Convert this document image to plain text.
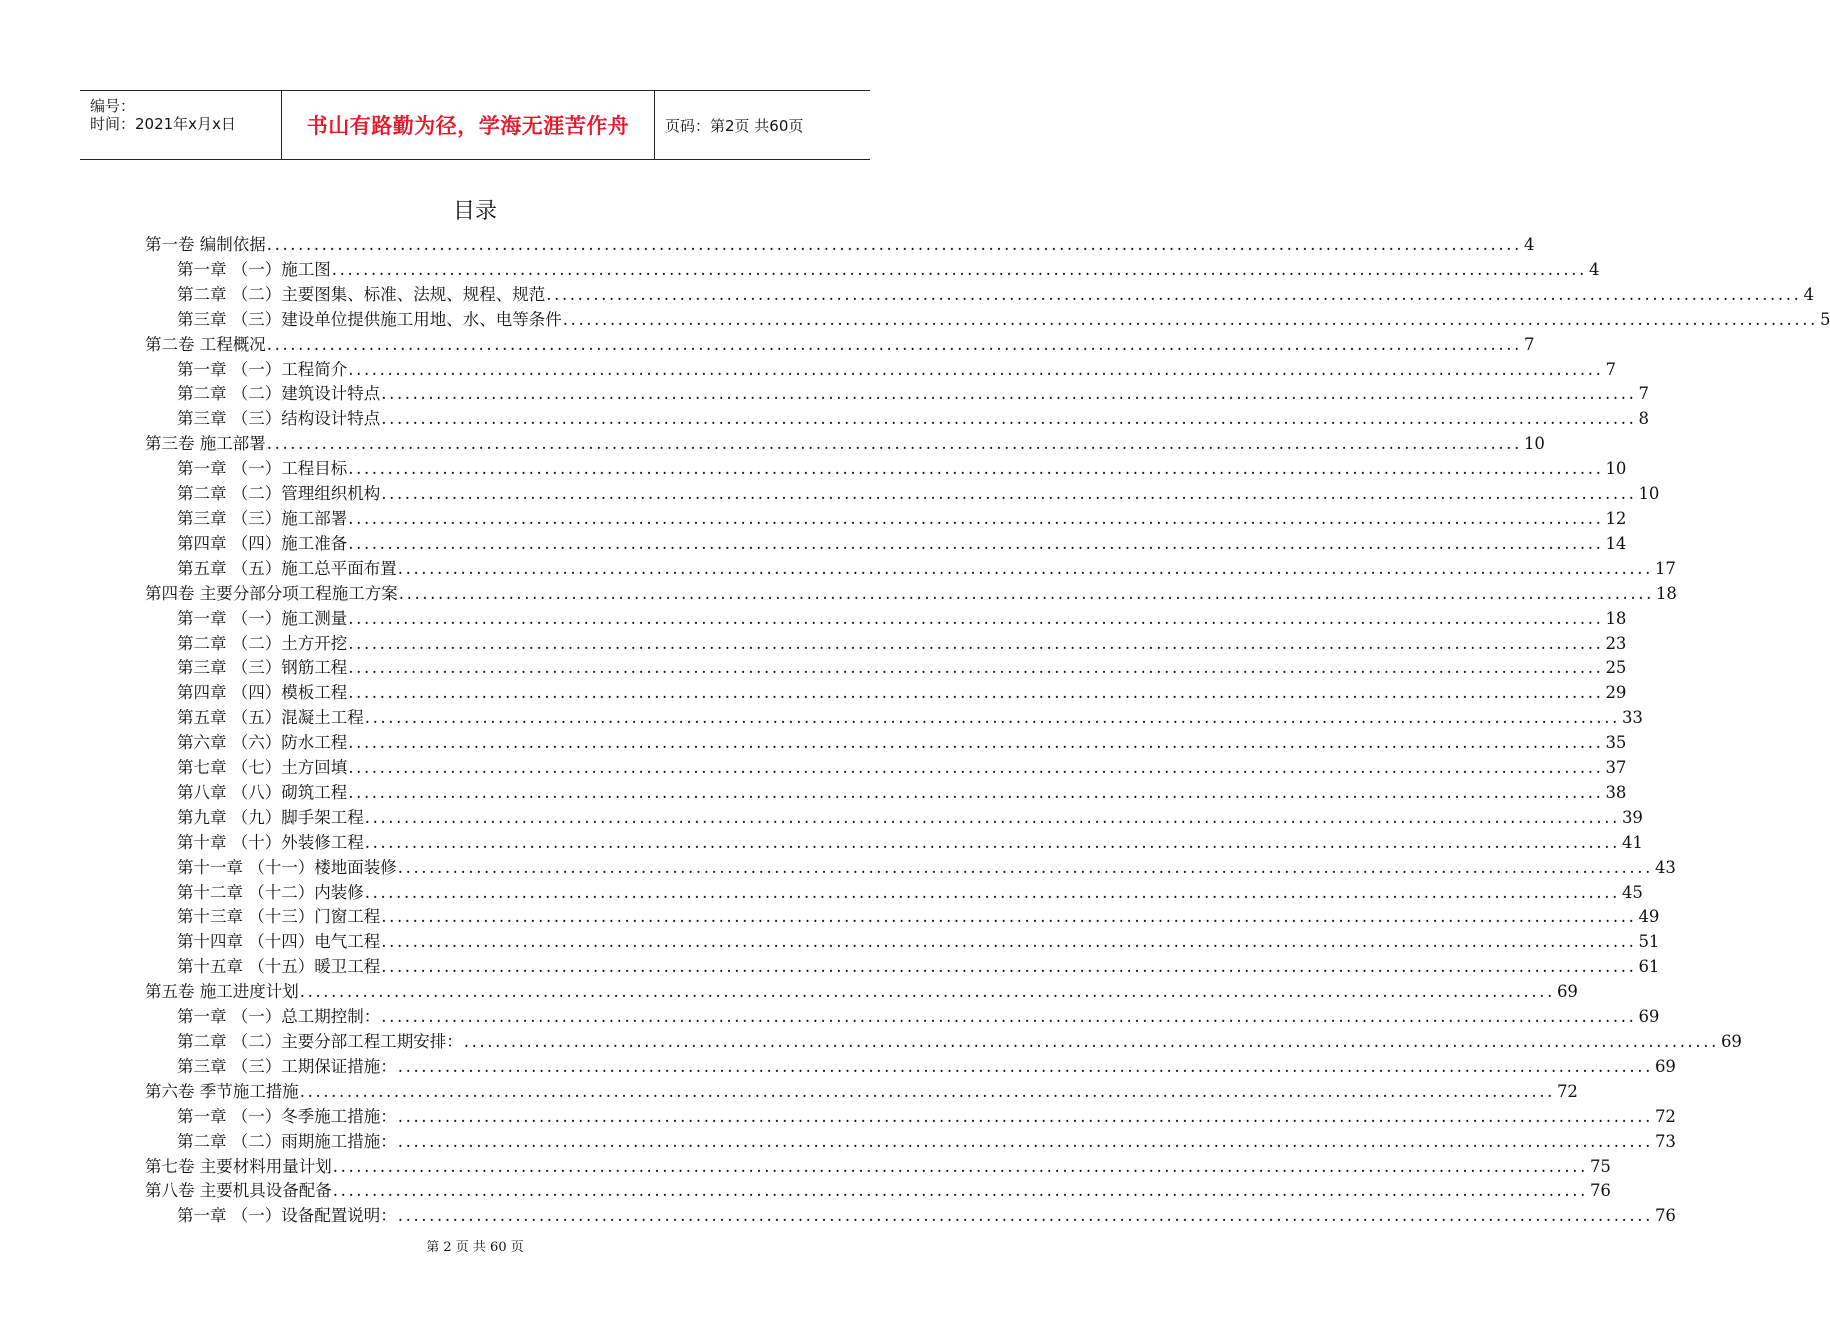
编号：
时间：2021年x月x日	书山有路勤为径，学海无涯苦作舟	页码：第2页 共60页
目录
第一卷 编制依据 ................................................................................................................................................................ 4
第一章 （一）施工图 ................................................................................................................................................................ 4
第二章 （二）主要图集、标准、法规、规程、规范 ................................................................................................................................................................ 4
第三章 （三）建设单位提供施工用地、水、电等条件 ................................................................................................................................................................ 5
第二卷 工程概况 ................................................................................................................................................................ 7
第一章 （一）工程简介 ................................................................................................................................................................ 7
第二章 （二）建筑设计特点 ................................................................................................................................................................ 7
第三章 （三）结构设计特点 ................................................................................................................................................................ 8
第三卷 施工部署 ................................................................................................................................................................ 10
第一章 （一）工程目标 ................................................................................................................................................................ 10
第二章 （二）管理组织机构 ................................................................................................................................................................ 10
第三章 （三）施工部署 ................................................................................................................................................................ 12
第四章 （四）施工准备 ................................................................................................................................................................ 14
第五章 （五）施工总平面布置 ................................................................................................................................................................ 17
第四卷 主要分部分项工程施工方案 ................................................................................................................................................................ 18
第一章 （一）施工测量 ................................................................................................................................................................ 18
第二章 （二）土方开挖 ................................................................................................................................................................ 23
第三章 （三）钢筋工程 ................................................................................................................................................................ 25
第四章 （四）模板工程 ................................................................................................................................................................ 29
第五章 （五）混凝土工程 ................................................................................................................................................................ 33
第六章 （六）防水工程 ................................................................................................................................................................ 35
第七章 （七）土方回填 ................................................................................................................................................................ 37
第八章 （八）砌筑工程 ................................................................................................................................................................ 38
第九章 （九）脚手架工程 ................................................................................................................................................................ 39
第十章 （十）外装修工程 ................................................................................................................................................................ 41
第十一章 （十一）楼地面装修 ................................................................................................................................................................ 43
第十二章 （十二）内装修 ................................................................................................................................................................ 45
第十三章 （十三）门窗工程 ................................................................................................................................................................ 49
第十四章 （十四）电气工程 ................................................................................................................................................................ 51
第十五章 （十五）暖卫工程 ................................................................................................................................................................ 61
第五卷 施工进度计划 ................................................................................................................................................................ 69
第一章 （一）总工期控制： ................................................................................................................................................................ 69
第二章 （二）主要分部工程工期安排： ................................................................................................................................................................ 69
第三章 （三）工期保证措施： ................................................................................................................................................................ 69
第六卷 季节施工措施 ................................................................................................................................................................ 72
第一章 （一）冬季施工措施： ................................................................................................................................................................ 72
第二章 （二）雨期施工措施： ................................................................................................................................................................ 73
第七卷 主要材料用量计划 ................................................................................................................................................................ 75
第八卷 主要机具设备配备 ................................................................................................................................................................ 76
第一章 （一）设备配置说明： ................................................................................................................................................................ 76
第 2 页 共 60 页
